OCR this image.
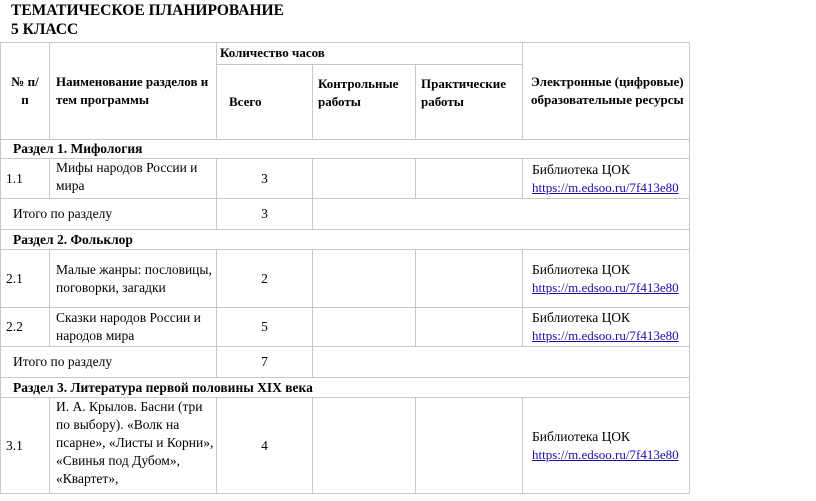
ТЕМАТИЧЕСКОЕ ПЛАНИРОВАНИЕ
5 КЛАСС
№ п/п	Наименование разделов и тем программы	Количество часов			Электронные (цифровые) образовательные ресурсы
		Всего	Контрольные работы	Практические работы	
Раздел 1. Мифология					
1.1	Мифы народов России и мира	3			Библиотека ЦОК
https://m.edsoo.ru/7f413e80
Итого по разделу		3			
Раздел 2. Фольклор					
2.1	Малые жанры: пословицы, поговорки, загадки	2			Библиотека ЦОК
https://m.edsoo.ru/7f413e80
2.2	Сказки народов России и народов мира	5			Библиотека ЦОК
https://m.edsoo.ru/7f413e80
Итого по разделу		7			
Раздел 3. Литература первой половины XIX века					
3.1	И. А. Крылов. Басни (три по выбору). «Волк на псарне», «Листы и Корни», «Свинья под Дубом», «Квартет»,	4			Библиотека ЦОК
https://m.edsoo.ru/7f413e80
